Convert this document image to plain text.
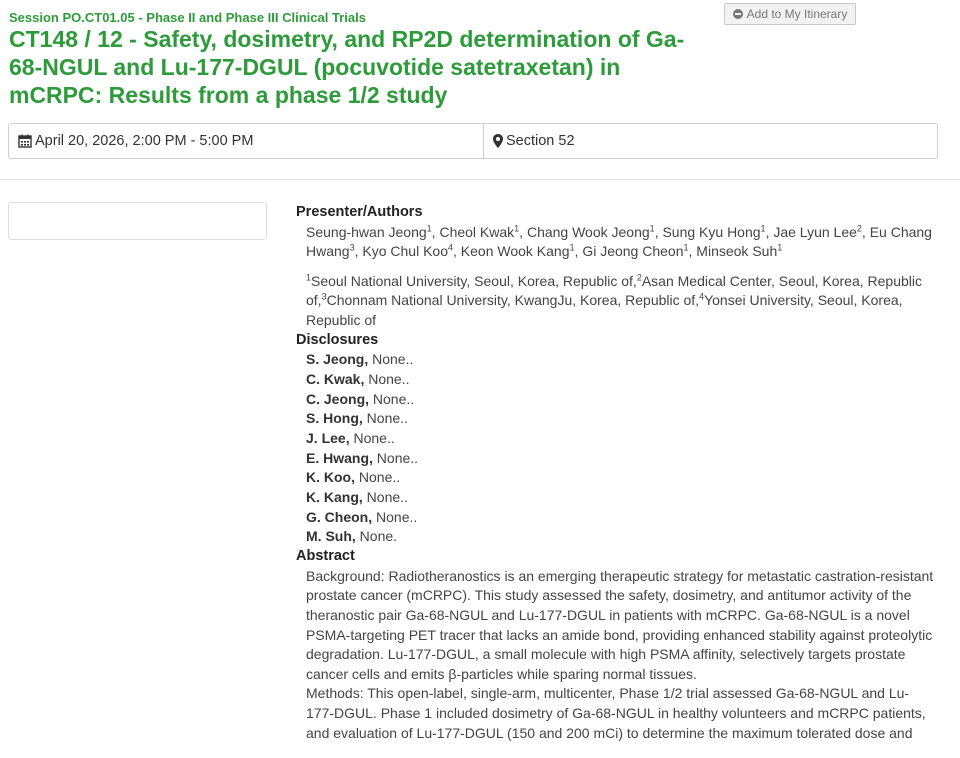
Session PO.CT01.05 - Phase II and Phase III Clinical Trials	Add to My Itinerary
CT148 / 12 - Safety, dosimetry, and RP2D determination of Ga-68-NGUL and Lu-177-DGUL (pocuvotide satetraxetan) in mCRPC: Results from a phase 1/2 study
April 20, 2026, 2:00 PM - 5:00 PM	Section 52
Presenter/Authors
Seung-hwan Jeong$^1$, Cheol Kwak$^1$, Chang Wook Jeong$^1$, Sung Kyu Hong$^1$, Jae Lyun Lee$^2$, Eu Chang Hwang$^3$, Kyo Chul Koo$^4$, Keon Wook Kang$^1$, Gi Jeong Cheon$^1$, Minseok Suh$^1$
$^1$Seoul National University, Seoul, Korea, Republic of,$^2$Asan Medical Center, Seoul, Korea, Republic of,$^3$Chonnam National University, KwangJu, Korea, Republic of,$^4$Yonsei University, Seoul, Korea, Republic of
Disclosures
S. Jeong, None..
C. Kwak, None..
C. Jeong, None..
S. Hong, None..
J. Lee, None..
E. Hwang, None..
K. Koo, None..
K. Kang, None..
G. Cheon, None..
M. Suh, None.
Abstract

Background: Radiotheranostics is an emerging therapeutic strategy for metastatic castration-resistant prostate cancer (mCRPC). This study assessed the safety, dosimetry, and antitumor activity of the theranostic pair Ga-68-NGUL and Lu-177-DGUL in patients with mCRPC. Ga-68-NGUL is a novel PSMA-targeting PET tracer that lacks an amide bond, providing enhanced stability against proteolytic degradation. Lu-177-DGUL, a small molecule with high PSMA affinity, selectively targets prostate cancer cells and emits β-particles while sparing normal tissues.

Methods: This open-label, single-arm, multicenter, Phase 1/2 trial assessed Ga-68-NGUL and Lu-177-DGUL. Phase 1 included dosimetry of Ga-68-NGUL in healthy volunteers and mCRPC patients, and evaluation of Lu-177-DGUL (150 and 200 mCi) to determine the maximum tolerated dose and
